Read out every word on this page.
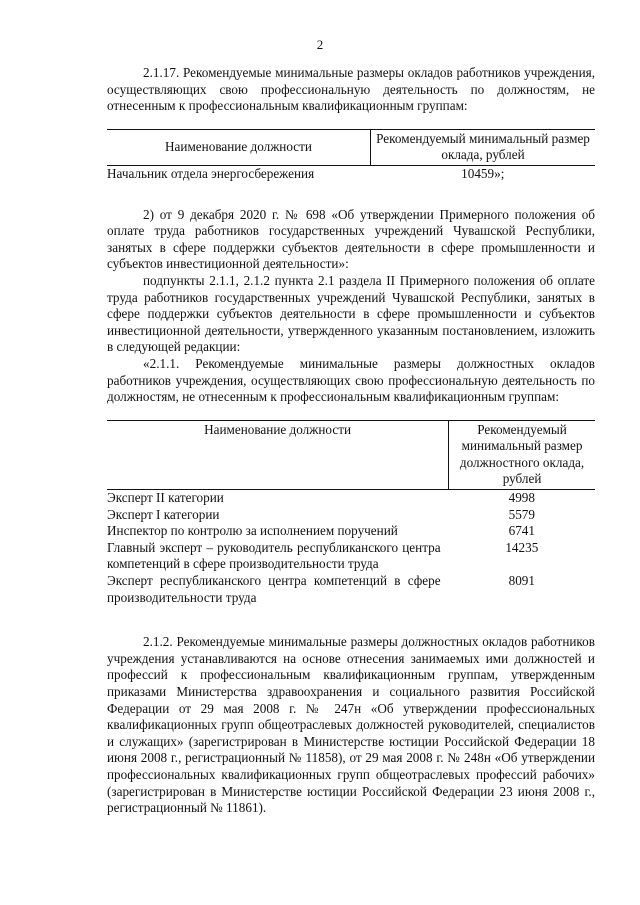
2

2.1.17. Рекомендуемые минимальные размеры окладов работников учреждения, осуществляющих свою профессиональную деятельность по должностям, не отнесенным к профессиональным квалификационным группам:

Наименование должности	Рекомендуемый минимальный размер оклада, рублей
Начальник отдела энергосбережения	10459»;

2) от 9 декабря 2020 г. № 698 «Об утверждении Примерного положения об оплате труда работников государственных учреждений Чувашской Республики, занятых в сфере поддержки субъектов деятельности в сфере промышленности и субъектов инвестиционной деятельности»:

подпункты 2.1.1, 2.1.2 пункта 2.1 раздела II Примерного положения об оплате труда работников государственных учреждений Чувашской Республики, занятых в сфере поддержки субъектов деятельности в сфере промышленности и субъектов инвестиционной деятельности, утвержденного указанным постановлением, изложить в следующей редакции:

«2.1.1. Рекомендуемые минимальные размеры должностных окладов работников учреждения, осуществляющих свою профессиональную деятельность по должностям, не отнесенным к профессиональным квалификационным группам:

Наименование должности	Рекомендуемый минимальный размер должностного оклада, рублей
Эксперт II категории	4998
Эксперт I категории	5579
Инспектор по контролю за исполнением поручений	6741
Главный эксперт – руководитель республиканского центра компетенций в сфере производительности труда	14235
Эксперт республиканского центра компетенций в сфере производительности труда	8091

2.1.2. Рекомендуемые минимальные размеры должностных окладов работников учреждения устанавливаются на основе отнесения занимаемых ими должностей и профессий к профессиональным квалификационным группам, утвержденным приказами Министерства здравоохранения и социального развития Российской Федерации от 29 мая 2008 г. № 247н «Об утверждении профессиональных квалификационных групп общеотраслевых должностей руководителей, специалистов и служащих» (зарегистрирован в Министерстве юстиции Российской Федерации 18 июня 2008 г., регистрационный № 11858), от 29 мая 2008 г. № 248н «Об утверждении профессиональных квалификационных групп общеотраслевых профессий рабочих» (зарегистрирован в Министерстве юстиции Российской Федерации 23 июня 2008 г., регистрационный № 11861).
